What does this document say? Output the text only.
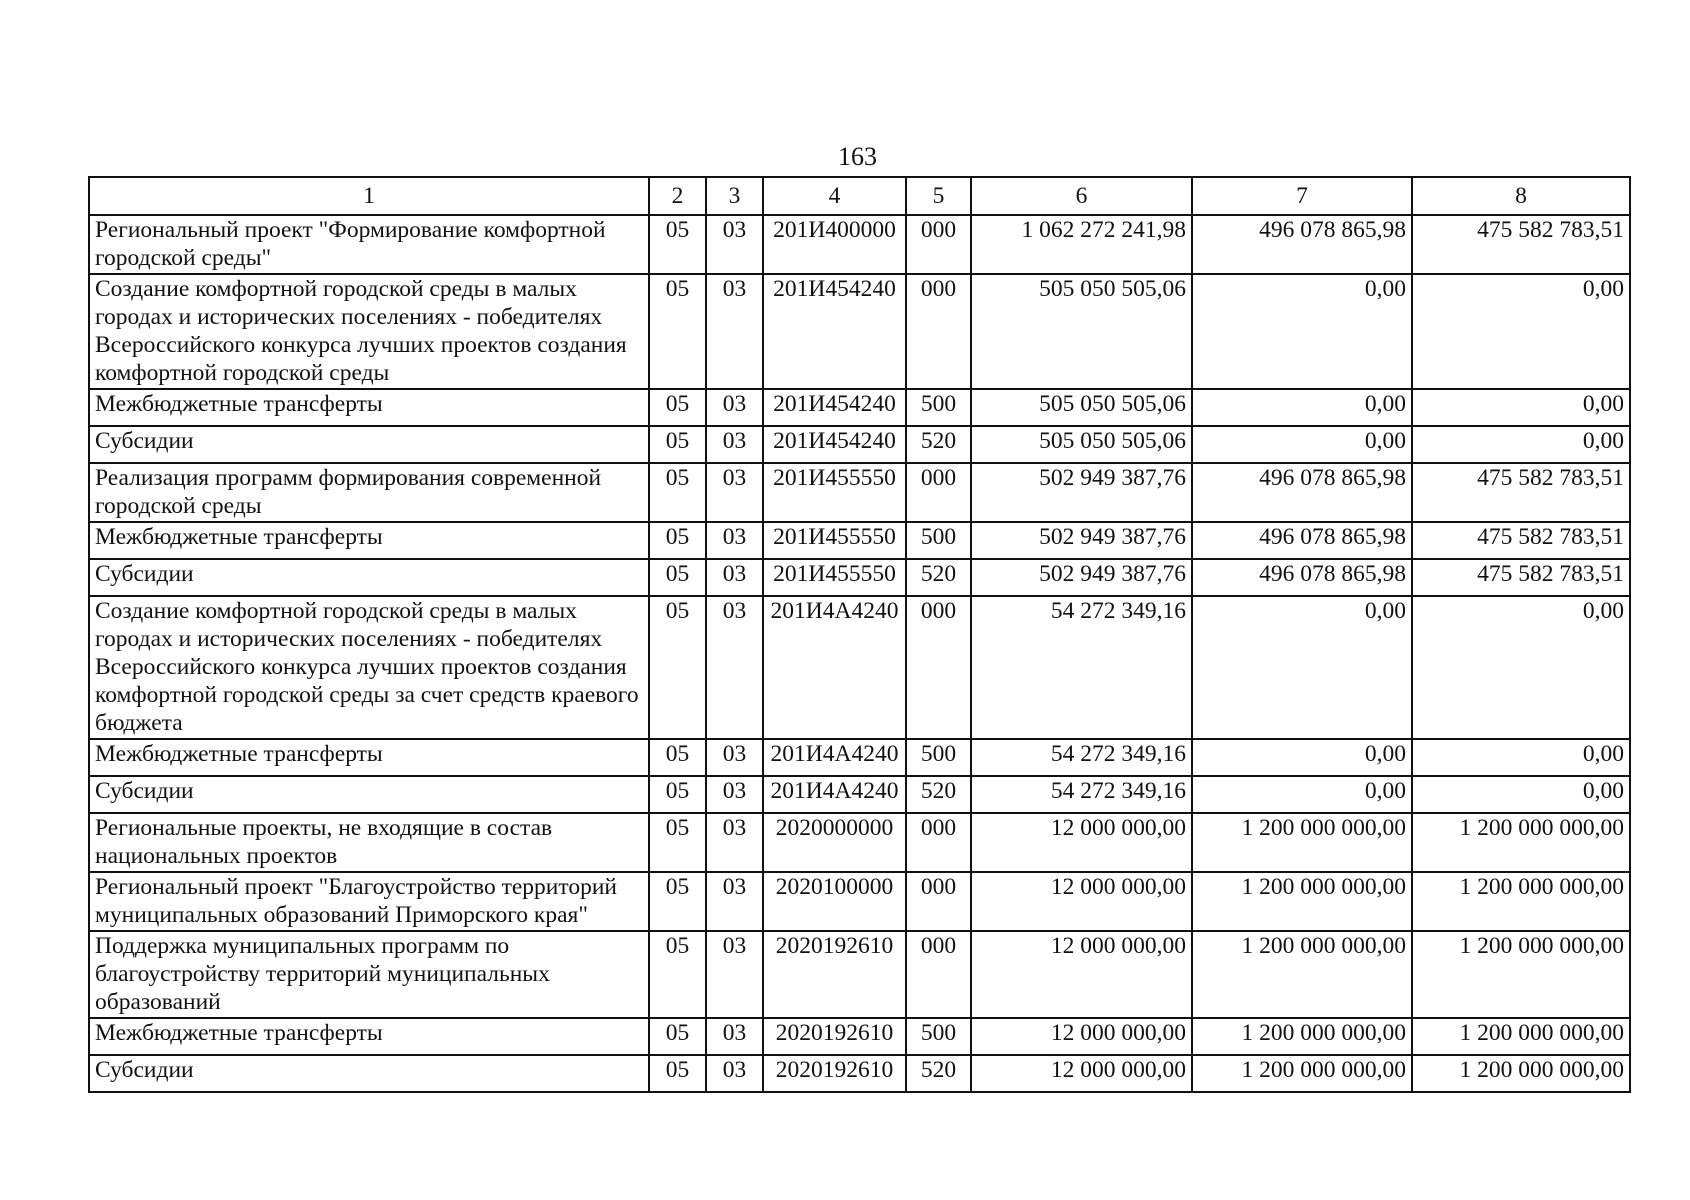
163
1	2	3	4	5	6	7	8
Региональный проект "Формирование комфортной городской среды"	05	03	201И400000	000	1 062 272 241,98	496 078 865,98	475 582 783,51
Создание комфортной городской среды в малых городах и исторических поселениях - победителях Всероссийского конкурса лучших проектов создания комфортной городской среды	05	03	201И454240	000	505 050 505,06	0,00	0,00
Межбюджетные трансферты	05	03	201И454240	500	505 050 505,06	0,00	0,00
Субсидии	05	03	201И454240	520	505 050 505,06	0,00	0,00
Реализация программ формирования современной городской среды	05	03	201И455550	000	502 949 387,76	496 078 865,98	475 582 783,51
Межбюджетные трансферты	05	03	201И455550	500	502 949 387,76	496 078 865,98	475 582 783,51
Субсидии	05	03	201И455550	520	502 949 387,76	496 078 865,98	475 582 783,51
Создание комфортной городской среды в малых городах и исторических поселениях - победителях Всероссийского конкурса лучших проектов создания комфортной городской среды за счет средств краевого бюджета	05	03	201И4А4240	000	54 272 349,16	0,00	0,00
Межбюджетные трансферты	05	03	201И4А4240	500	54 272 349,16	0,00	0,00
Субсидии	05	03	201И4А4240	520	54 272 349,16	0,00	0,00
Региональные проекты, не входящие в состав национальных проектов	05	03	2020000000	000	12 000 000,00	1 200 000 000,00	1 200 000 000,00
Региональный проект "Благоустройство территорий муниципальных образований Приморского края"	05	03	2020100000	000	12 000 000,00	1 200 000 000,00	1 200 000 000,00
Поддержка муниципальных программ по благоустройству территорий муниципальных образований	05	03	2020192610	000	12 000 000,00	1 200 000 000,00	1 200 000 000,00
Межбюджетные трансферты	05	03	2020192610	500	12 000 000,00	1 200 000 000,00	1 200 000 000,00
Субсидии	05	03	2020192610	520	12 000 000,00	1 200 000 000,00	1 200 000 000,00
